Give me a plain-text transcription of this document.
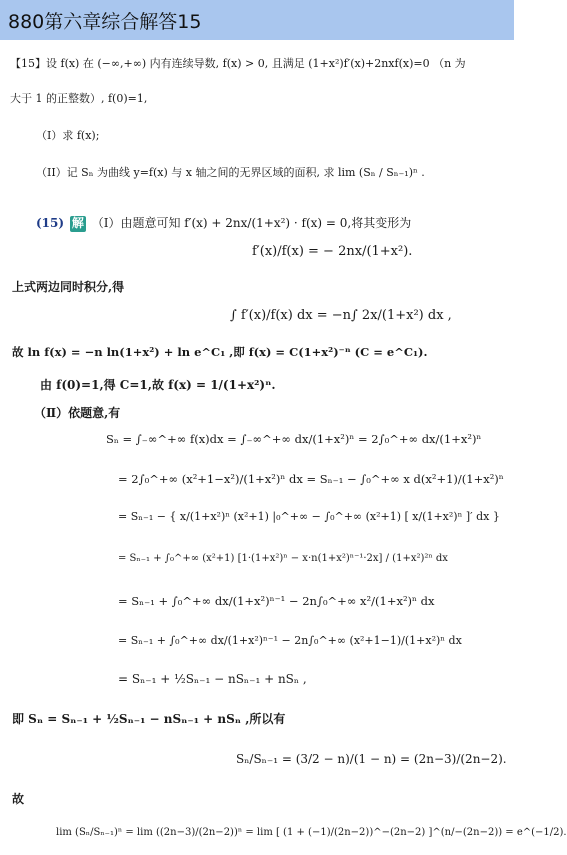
880第六章综合解答15
【15】设 f(x) 在 (−∞,+∞) 内有连续导数, f(x) > 0, 且满足 (1+x²)f′(x)+2nxf(x)=0 （n 为
大于 1 的正整数）, f(0)=1,
（I）求 f(x);
（II）记 Sₙ 为曲线 y=f(x) 与 x 轴之间的无界区域的面积, 求 lim (Sₙ / Sₙ₋₁)ⁿ .
(15) 解 （Ⅰ）由题意可知 f′(x) + 2nx/(1+x²) · f(x) = 0,将其变形为
f′(x)/f(x) = − 2nx/(1+x²).
上式两边同时积分,得
∫ f′(x)/f(x) dx = −n∫ 2x/(1+x²) dx ,
故 ln f(x) = −n ln(1+x²) + ln e^C₁ ,即 f(x) = C(1+x²)⁻ⁿ (C = e^C₁).
由 f(0)=1,得 C=1,故 f(x) = 1/(1+x²)ⁿ.
（Ⅱ）依题意,有
Sₙ = ∫₋∞^+∞ f(x)dx = ∫₋∞^+∞ dx/(1+x²)ⁿ = 2∫₀^+∞ dx/(1+x²)ⁿ
= 2∫₀^+∞ (x²+1−x²)/(1+x²)ⁿ dx = Sₙ₋₁ − ∫₀^+∞ x d(x²+1)/(1+x²)ⁿ
= Sₙ₋₁ − { x/(1+x²)ⁿ (x²+1) |₀^+∞ − ∫₀^+∞ (x²+1) [ x/(1+x²)ⁿ ]′ dx }
= Sₙ₋₁ + ∫₀^+∞ (x²+1) [1·(1+x²)ⁿ − x·n(1+x²)ⁿ⁻¹·2x] / (1+x²)²ⁿ dx
= Sₙ₋₁ + ∫₀^+∞ dx/(1+x²)ⁿ⁻¹ − 2n∫₀^+∞ x²/(1+x²)ⁿ dx
= Sₙ₋₁ + ∫₀^+∞ dx/(1+x²)ⁿ⁻¹ − 2n∫₀^+∞ (x²+1−1)/(1+x²)ⁿ dx
= Sₙ₋₁ + ½Sₙ₋₁ − nSₙ₋₁ + nSₙ ,
即 Sₙ = Sₙ₋₁ + ½Sₙ₋₁ − nSₙ₋₁ + nSₙ ,所以有
Sₙ/Sₙ₋₁ = (3/2 − n)/(1 − n) = (2n−3)/(2n−2).
故
lim (Sₙ/Sₙ₋₁)ⁿ = lim ((2n−3)/(2n−2))ⁿ = lim [ (1 + (−1)/(2n−2))^−(2n−2) ]^(n/−(2n−2)) = e^(−1/2).
